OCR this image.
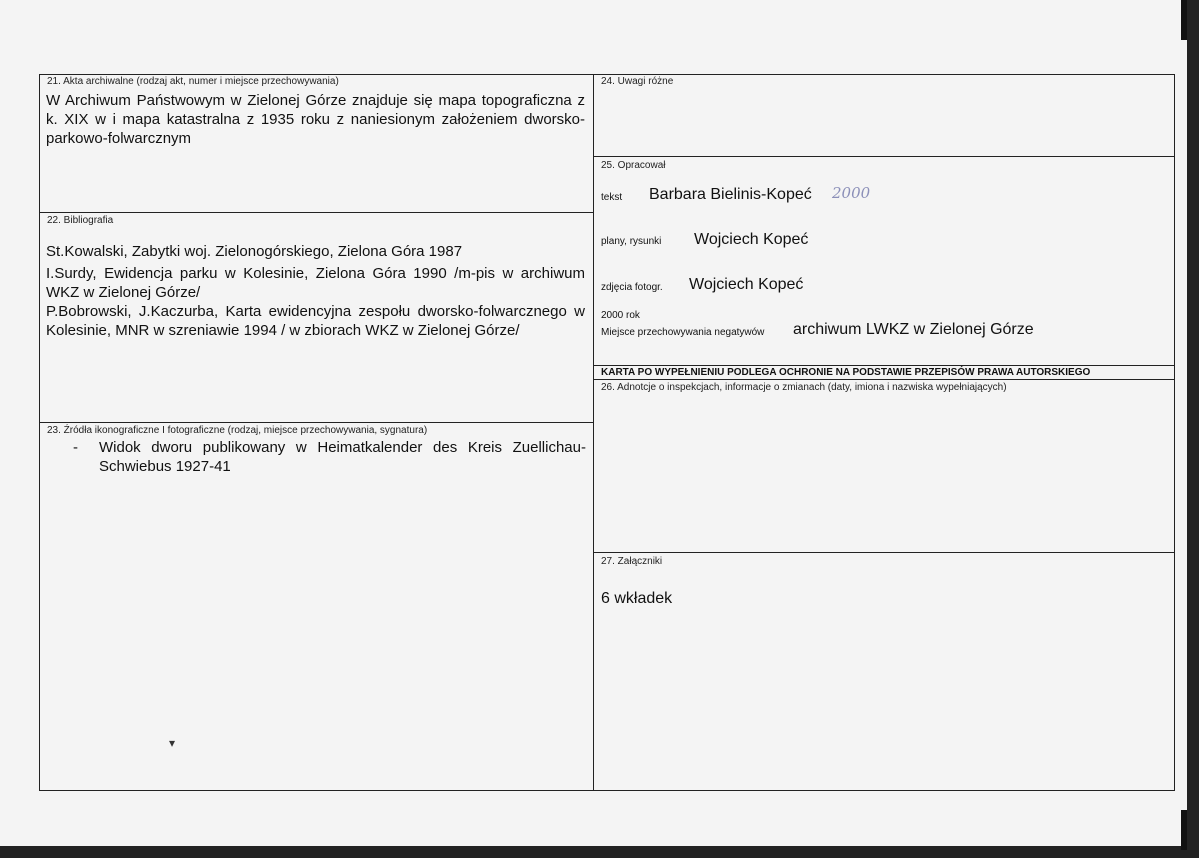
21. Akta archiwalne (rodzaj akt, numer i miejsce przechowywania)
W Archiwum Państwowym w Zielonej Górze znajduje się mapa topograficzna z k. XIX w i mapa katastralna z 1935 roku z naniesionym założeniem dworsko-parkowo-folwarcznym
22. Bibliografia
St.Kowalski, Zabytki woj. Zielonogórskiego, Zielona Góra 1987
I.Surdy, Ewidencja parku w Kolesinie, Zielona Góra 1990 /m-pis w archiwum WKZ w Zielonej Górze/
P.Bobrowski, J.Kaczurba, Karta ewidencyjna zespołu dworsko-folwarcznego w Kolesinie, MNR w szreniawie 1994 / w zbiorach WKZ w Zielonej Górze/
23. Źródła ikonograficzne I fotograficzne (rodzaj, miejsce przechowywania, sygnatura)
- Widok dworu publikowany w Heimatkalender des Kreis Zuellichau-Schwiebus 1927-41
24. Uwagi różne
25. Opracował
tekst Barbara Bielinis-Kopeć 2000
plany, rysunki Wojciech Kopeć
zdjęcia fotogr. Wojciech Kopeć
2000 rok
Miejsce przechowywania negatywów archiwum LWKZ w Zielonej Górze
KARTA PO WYPEŁNIENIU PODLEGA OCHRONIE NA PODSTAWIE PRZEPISÓW PRAWA AUTORSKIEGO
26. Adnotcje o inspekcjach, informacje o zmianach (daty, imiona i nazwiska wypełniających)
27. Załączniki
6 wkładek
▾
